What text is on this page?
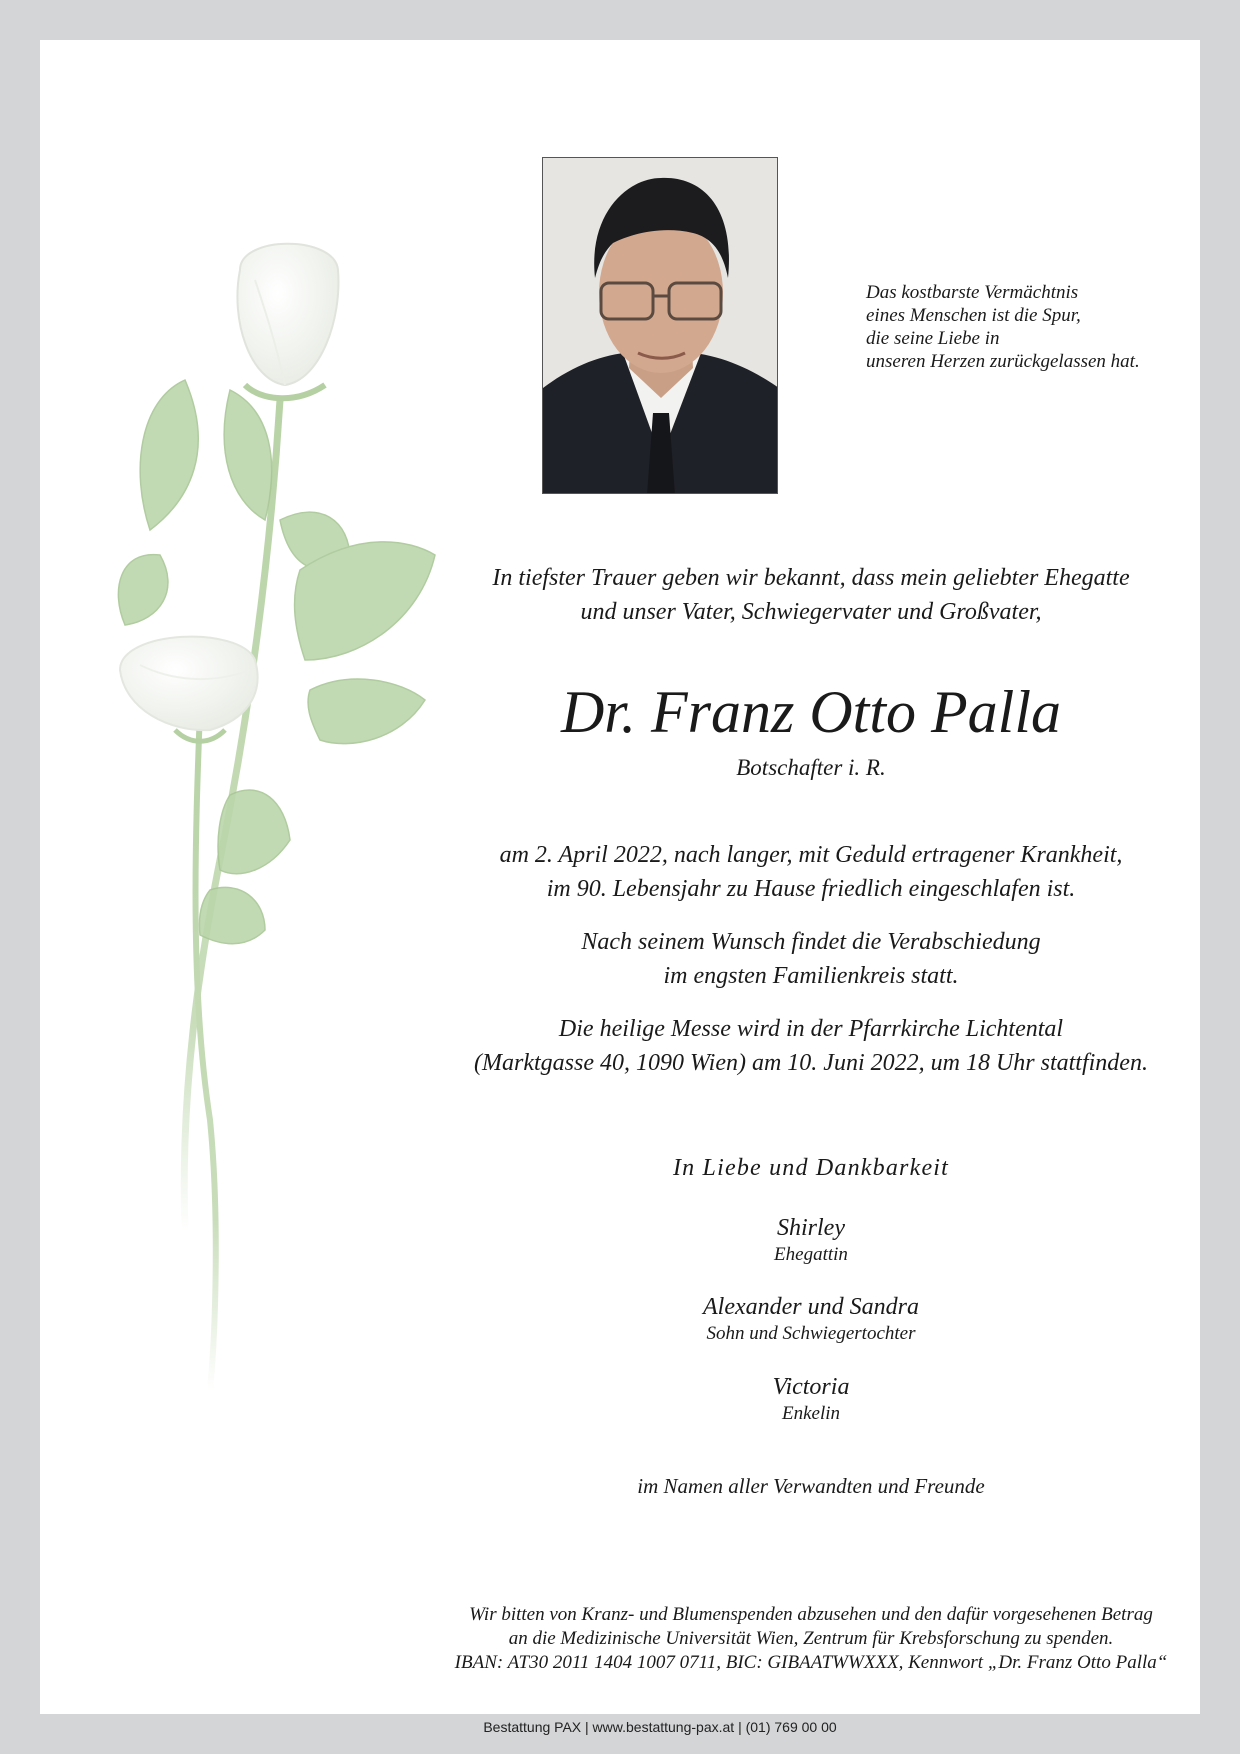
Das kostbarste Vermächtnis
eines Menschen ist die Spur,
die seine Liebe in
unseren Herzen zurückgelassen hat.
In tiefster Trauer geben wir bekannt, dass mein geliebter Ehegatte
und unser Vater, Schwiegervater und Großvater,
Dr. Franz Otto Palla
Botschafter i. R.
am 2. April 2022, nach langer, mit Geduld ertragener Krankheit,
im 90. Lebensjahr zu Hause friedlich eingeschlafen ist.
Nach seinem Wunsch findet die Verabschiedung
im engsten Familienkreis statt.
Die heilige Messe wird in der Pfarrkirche Lichtental
(Marktgasse 40, 1090 Wien) am 10. Juni 2022, um 18 Uhr stattfinden.
In Liebe und Dankbarkeit
Shirley
Ehegattin
Alexander und Sandra
Sohn und Schwiegertochter
Victoria
Enkelin
im Namen aller Verwandten und Freunde
Wir bitten von Kranz- und Blumenspenden abzusehen und den dafür vorgesehenen Betrag
an die Medizinische Universität Wien, Zentrum für Krebsforschung zu spenden.
IBAN: AT30 2011 1404 1007 0711, BIC: GIBAATWWXXX, Kennwort „Dr. Franz Otto Palla“
Bestattung PAX | www.bestattung-pax.at | (01) 769 00 00
